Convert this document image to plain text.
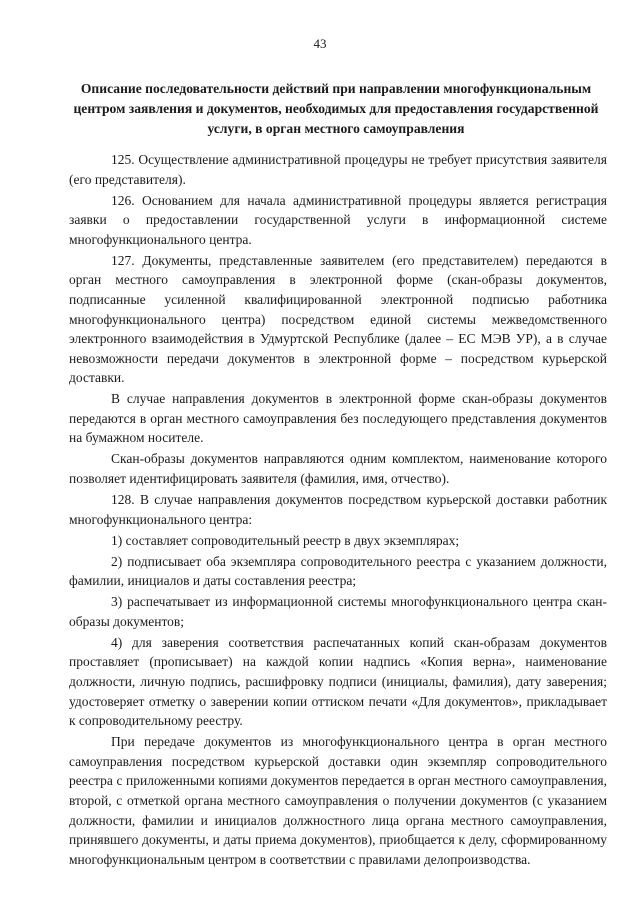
43
Описание последовательности действий при направлении многофункциональным центром заявления и документов, необходимых для предоставления государственной услуги, в орган местного самоуправления

125. Осуществление административной процедуры не требует присутствия заявителя (его представителя).

126. Основанием для начала административной процедуры является регистрация заявки о предоставлении государственной услуги в информационной системе многофункционального центра.

127. Документы, представленные заявителем (его представителем) передаются в орган местного самоуправления в электронной форме (скан-образы документов, подписанные усиленной квалифицированной электронной подписью работника многофункционального центра) посредством единой системы межведомственного электронного взаимодействия в Удмуртской Республике (далее – ЕС МЭВ УР), а в случае невозможности передачи документов в электронной форме – посредством курьерской доставки.

В случае направления документов в электронной форме скан-образы документов передаются в орган местного самоуправления без последующего представления документов на бумажном носителе.

Скан-образы документов направляются одним комплектом, наименование которого позволяет идентифицировать заявителя (фамилия, имя, отчество).

128. В случае направления документов посредством курьерской доставки работник многофункционального центра:

1) составляет сопроводительный реестр в двух экземплярах;

2) подписывает оба экземпляра сопроводительного реестра с указанием должности, фамилии, инициалов и даты составления реестра;

3) распечатывает из информационной системы многофункционального центра скан-образы документов;

4) для заверения соответствия распечатанных копий скан-образам документов проставляет (прописывает) на каждой копии надпись «Копия верна», наименование должности, личную подпись, расшифровку подписи (инициалы, фамилия), дату заверения; удостоверяет отметку о заверении копии оттиском печати «Для документов», прикладывает к сопроводительному реестру.

При передаче документов из многофункционального центра в орган местного самоуправления посредством курьерской доставки один экземпляр сопроводительного реестра с приложенными копиями документов передается в орган местного самоуправления, второй, с отметкой органа местного самоуправления о получении документов (с указанием должности, фамилии и инициалов должностного лица органа местного самоуправления, принявшего документы, и даты приема документов), приобщается к делу, сформированному многофункциональным центром в соответствии с правилами делопроизводства.
